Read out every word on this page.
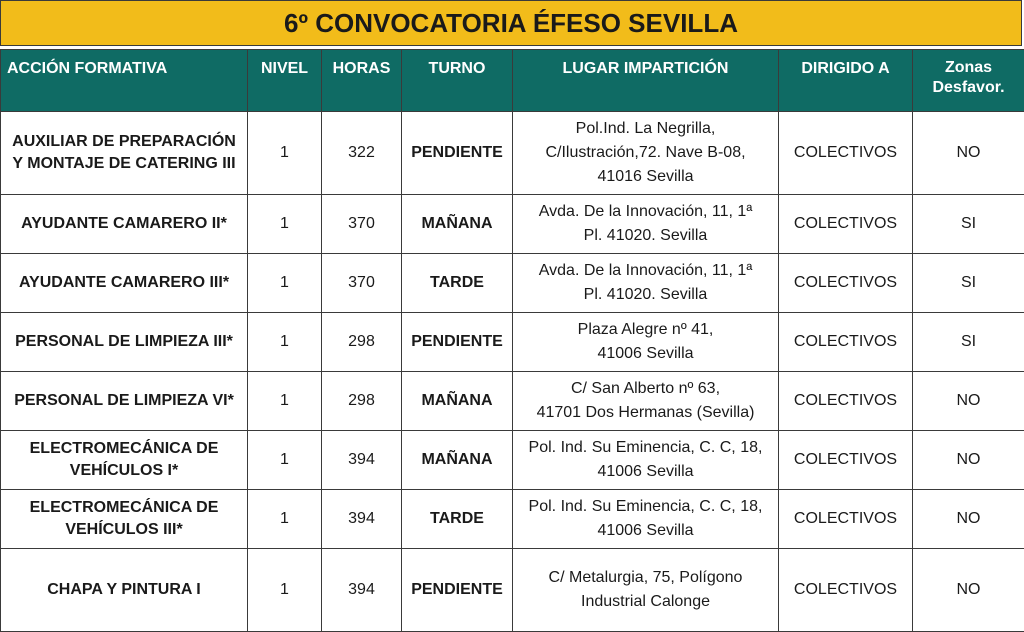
6º CONVOCATORIA ÉFESO SEVILLA
ACCIÓN FORMATIVA	NIVEL	HORAS	TURNO	LUGAR IMPARTICIÓN	DIRIGIDO A	Zonas
Desfavor.

AUXILIAR DE PREPARACIÓN
Y MONTAJE DE CATERING III	1	322	PENDIENTE	Pol.Ind. La Negrilla,
C/Ilustración,72. Nave B-08,
41016 Sevilla	COLECTIVOS	NO

AYUDANTE CAMARERO II*	1	370	MAÑANA	Avda. De la Innovación, 11, 1ª
Pl. 41020. Sevilla	COLECTIVOS	SI

AYUDANTE CAMARERO III*	1	370	TARDE	Avda. De la Innovación, 11, 1ª
Pl. 41020. Sevilla	COLECTIVOS	SI

PERSONAL DE LIMPIEZA III*	1	298	PENDIENTE	Plaza Alegre nº 41,
41006 Sevilla	COLECTIVOS	SI

PERSONAL DE LIMPIEZA VI*	1	298	MAÑANA	C/ San Alberto nº 63,
41701 Dos Hermanas (Sevilla)	COLECTIVOS	NO

ELECTROMECÁNICA DE
VEHÍCULOS I*	1	394	MAÑANA	Pol. Ind. Su Eminencia, C. C, 18,
41006 Sevilla	COLECTIVOS	NO

ELECTROMECÁNICA DE
VEHÍCULOS III*	1	394	TARDE	Pol. Ind. Su Eminencia, C. C, 18,
41006 Sevilla	COLECTIVOS	NO

CHAPA Y PINTURA I	1	394	PENDIENTE	C/ Metalurgia, 75, Polígono
Industrial Calonge	COLECTIVOS	NO
